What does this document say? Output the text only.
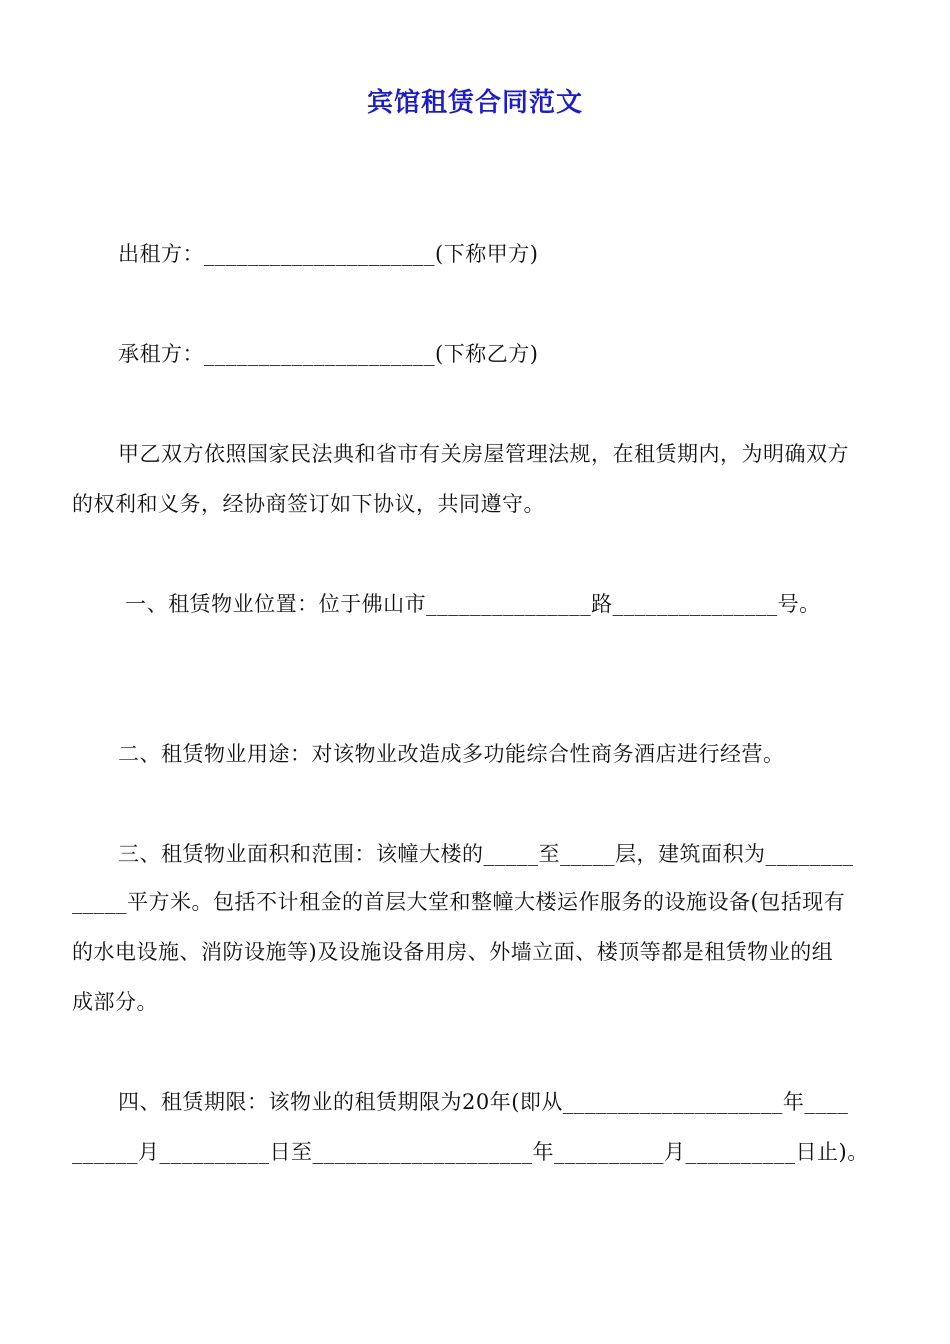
宾馆租赁合同范文
出租方：_____________________(下称甲方)
承租方：_____________________(下称乙方)
甲乙双方依照国家民法典和省市有关房屋管理法规，在租赁期内，为明确双方
的权利和义务，经协商签订如下协议，共同遵守。
一、租赁物业位置：位于佛山市_______________路_______________号。
二、租赁物业用途：对该物业改造成多功能综合性商务酒店进行经营。
三、租赁物业面积和范围：该幢大楼的_____至_____层，建筑面积为________
_____平方米。包括不计租金的首层大堂和整幢大楼运作服务的设施设备(包括现有
的水电设施、消防设施等)及设施设备用房、外墙立面、楼顶等都是租赁物业的组
成部分。
四、租赁期限：该物业的租赁期限为20年(即从____________________年____
______月__________日至____________________年__________月__________日止)。
